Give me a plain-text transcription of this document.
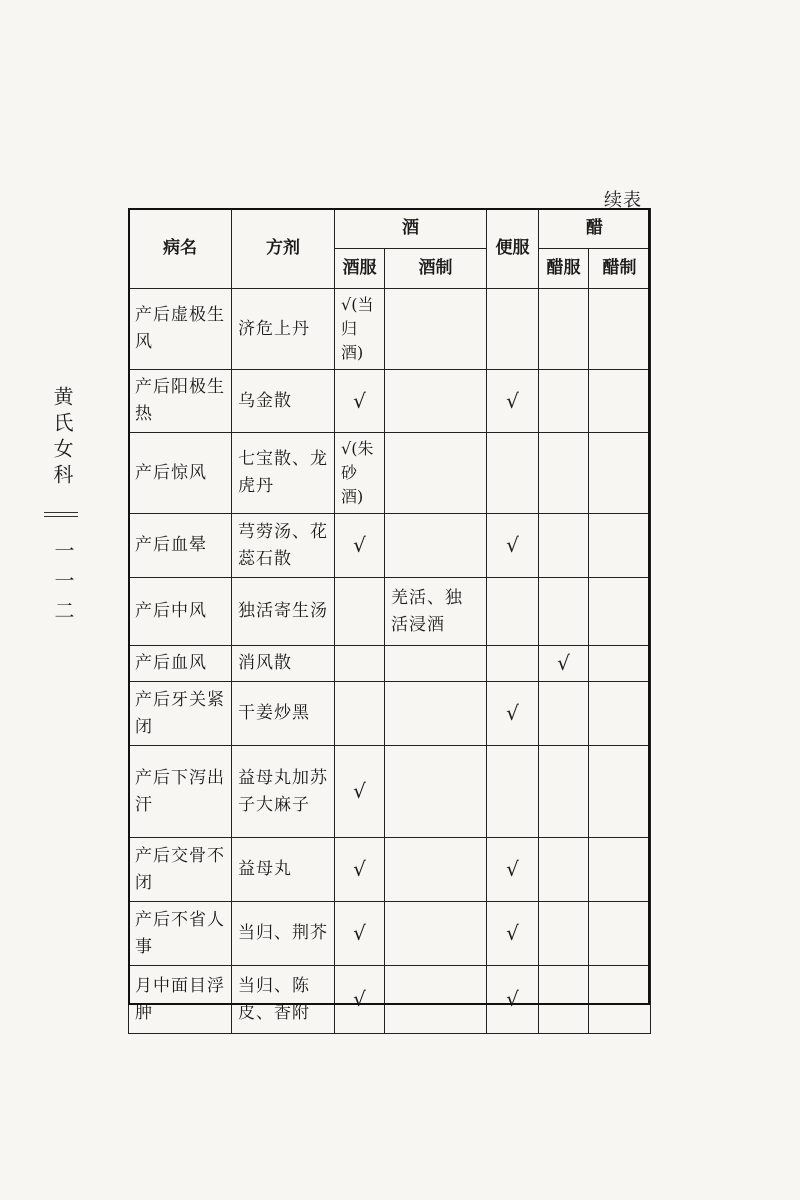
续表
黄氏女科
一一二
病名	方剂	酒		便服	醋	
		酒服	酒制		醋服	醋制
产后虚极生风	济危上丹	√(当归酒)				
产后阳极生热	乌金散	√		√		
产后惊风	七宝散、龙虎丹	√(朱砂酒)				
产后血晕	芎䓖汤、花蕊石散	√		√		
产后中风	独活寄生汤		羌活、独活浸酒			
产后血风	消风散				√	
产后牙关紧闭	干姜炒黑			√		
产后下泻出汗	益母丸加苏子大麻子	√				
产后交骨不闭	益母丸	√		√		
产后不省人事	当归、荆芥	√		√		
月中面目浮肿	当归、陈皮、香附	√		√		
